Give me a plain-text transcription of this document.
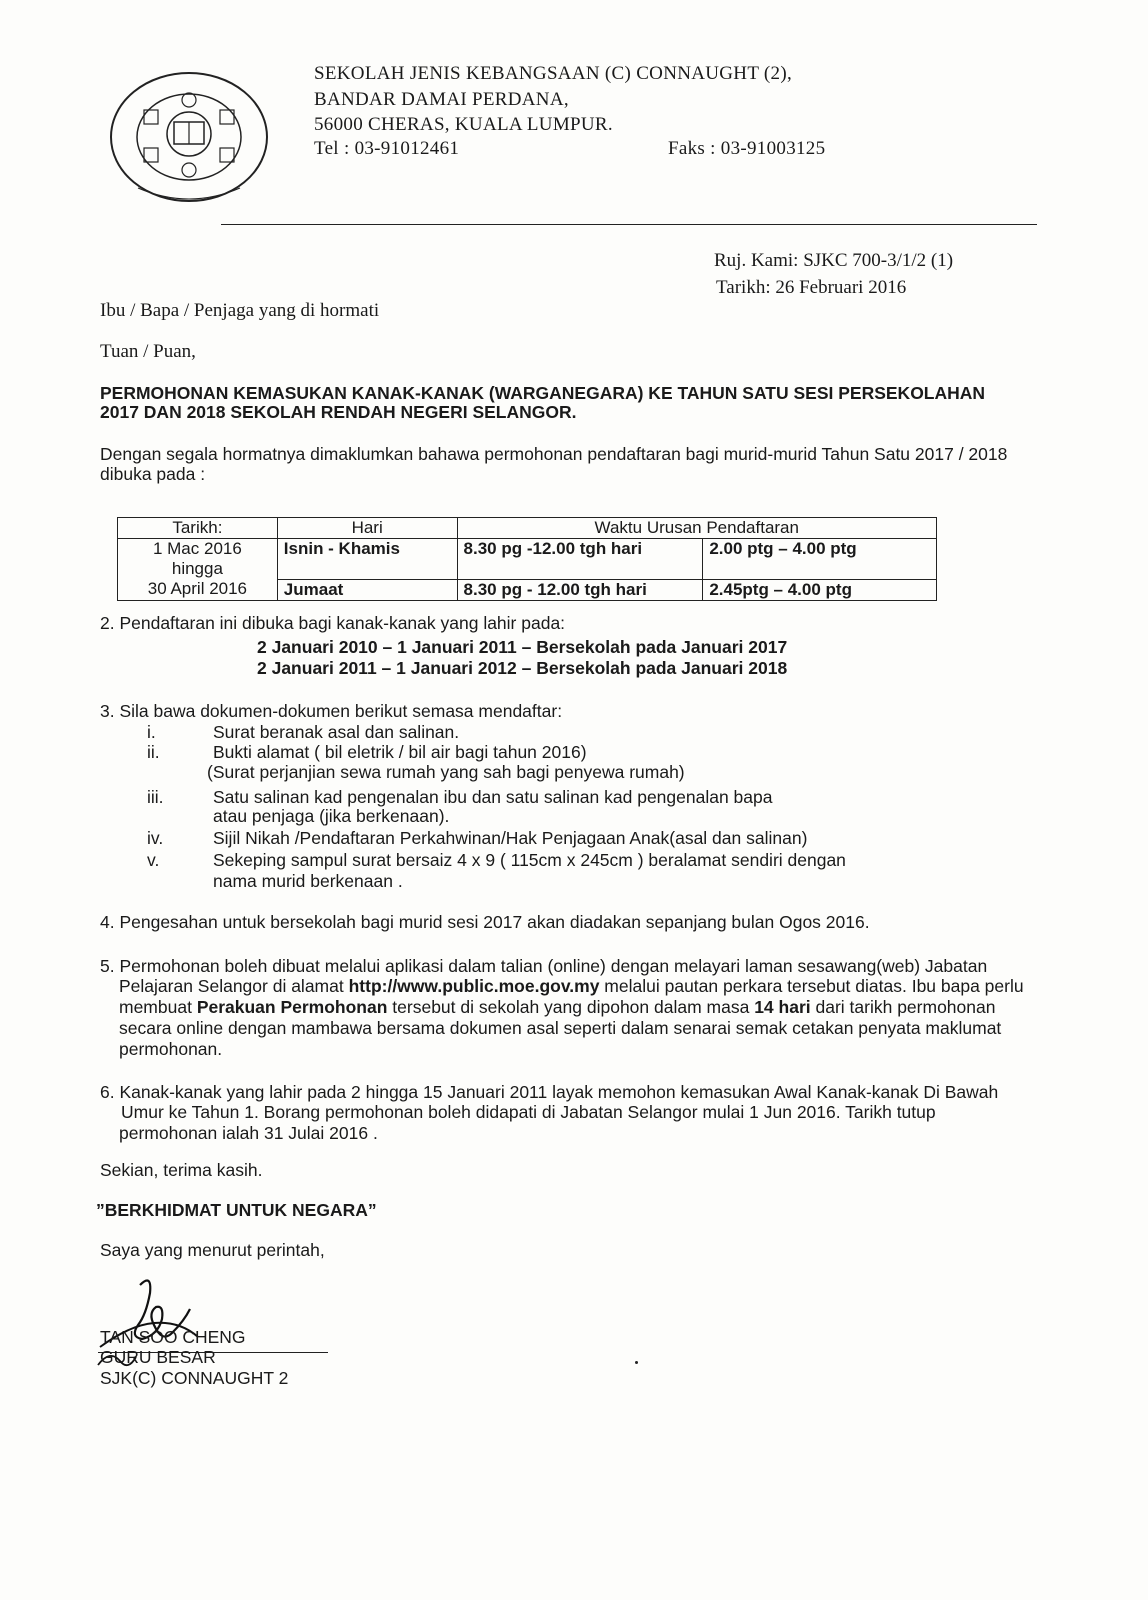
SEKOLAH JENIS KEBANGSAAN (C) CONNAUGHT (2),
BANDAR DAMAI PERDANA,
56000 CHERAS, KUALA LUMPUR.
Tel : 03-91012461	Faks : 03-91003125
Ruj. Kami: SJKC 700-3/1/2 (1)
Tarikh: 26 Februari 2016
Ibu / Bapa / Penjaga yang di hormati
Tuan / Puan,
PERMOHONAN KEMASUKAN KANAK-KANAK (WARGANEGARA) KE TAHUN SATU SESI PERSEKOLAHAN
2017 DAN 2018 SEKOLAH RENDAH NEGERI SELANGOR.
Dengan segala hormatnya dimaklumkan bahawa permohonan pendaftaran bagi murid-murid Tahun Satu 2017 / 2018
dibuka pada :
Tarikh:	Hari	Waktu Urusan Pendaftaran	

1 Mac 2016
hingga
30 April 2016	Isnin - Khamis	8.30 pg -12.00 tgh hari	2.00 ptg – 4.00 ptg
	Jumaat	8.30 pg - 12.00 tgh hari	2.45ptg – 4.00 ptg
2. Pendaftaran ini dibuka bagi kanak-kanak yang lahir pada:
2 Januari 2010 – 1 Januari 2011 – Bersekolah pada Januari 2017
2 Januari 2011 – 1 Januari 2012 – Bersekolah pada Januari 2018
3. Sila bawa dokumen-dokumen berikut semasa mendaftar:
i.	Surat beranak asal dan salinan.
ii.	Bukti alamat ( bil eletrik / bil air bagi tahun 2016)
(Surat perjanjian sewa rumah yang sah bagi penyewa rumah)
iii.	Satu salinan kad pengenalan ibu dan satu salinan kad pengenalan bapa
atau penjaga (jika berkenaan).
iv.	Sijil Nikah /Pendaftaran Perkahwinan/Hak Penjagaan Anak(asal dan salinan)
v.	Sekeping sampul surat bersaiz 4 x 9 ( 115cm x 245cm ) beralamat sendiri dengan
nama murid berkenaan .
4. Pengesahan untuk bersekolah bagi murid sesi 2017 akan diadakan sepanjang bulan Ogos 2016.
5. Permohonan boleh dibuat melalui aplikasi dalam talian (online) dengan melayari laman sesawang(web) Jabatan
Pelajaran Selangor di alamat http://www.public.moe.gov.my melalui pautan perkara tersebut diatas. Ibu bapa perlu
membuat Perakuan Permohonan tersebut di sekolah yang dipohon dalam masa 14 hari dari tarikh permohonan
secara online dengan mambawa bersama dokumen asal seperti dalam senarai semak cetakan penyata maklumat
permohonan.
6. Kanak-kanak yang lahir pada 2 hingga 15 Januari 2011 layak memohon kemasukan Awal Kanak-kanak Di Bawah
Umur ke Tahun 1. Borang permohonan boleh didapati di Jabatan Selangor mulai 1 Jun 2016. Tarikh tutup
permohonan ialah 31 Julai 2016 .
Sekian, terima kasih.
”BERKHIDMAT UNTUK NEGARA”
Saya yang menurut perintah,
TAN SOO CHENG
GURU BESAR
SJK(C) CONNAUGHT 2
